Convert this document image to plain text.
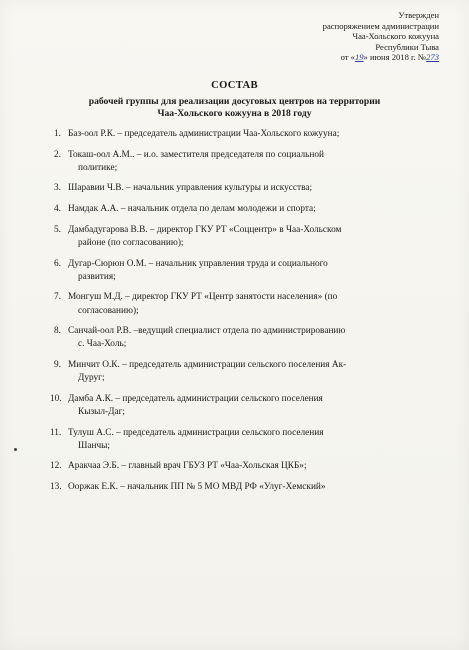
Утвержден
распоряжением администрации
Чаа-Хольского кожууна
Республики Тыва
от «19» июня 2018 г. №273
СОСТАВ
рабочей группы для реализации досуговых центров на территории
Чаа-Хольского кожууна в 2018 году
1. Баз-оол Р.К. – председатель администрации Чаа-Хольского кожууна;
2. Токаш-оол А.М.. – и.о. заместителя председателя по социальной
политике;
3. Шаравии Ч.В. – начальник управления культуры и искусства;
4. Намдак А.А. – начальник отдела по делам молодежи и спорта;
5. Дамбадугарова В.В. – директор ГКУ РТ «Соццентр» в Чаа-Хольском
районе (по согласованию);
6. Дугар-Сюрюн О.М. – начальник управления труда и социального
развития;
7. Монгуш М.Д. – директор ГКУ РТ «Центр занятости населения» (по
согласованию);
8. Санчай-оол Р.В. –ведущий специалист отдела по администрированию
с. Чаа-Холь;
9. Минчит О.К. – председатель администрации сельского поселения Ак-
Дуруг;
10. Дамба А.К. – председатель администрации сельского поселения
Кызыл-Даг;
11. Тулуш А.С. – председатель администрации сельского поселения
Шанчы;
12. Аракчаа Э.Б. – главный врач ГБУЗ РТ «Чаа-Хольская ЦКБ»;
13. Ооржак Е.К. – начальник ПП № 5 МО МВД РФ «Улуг-Хемский»
